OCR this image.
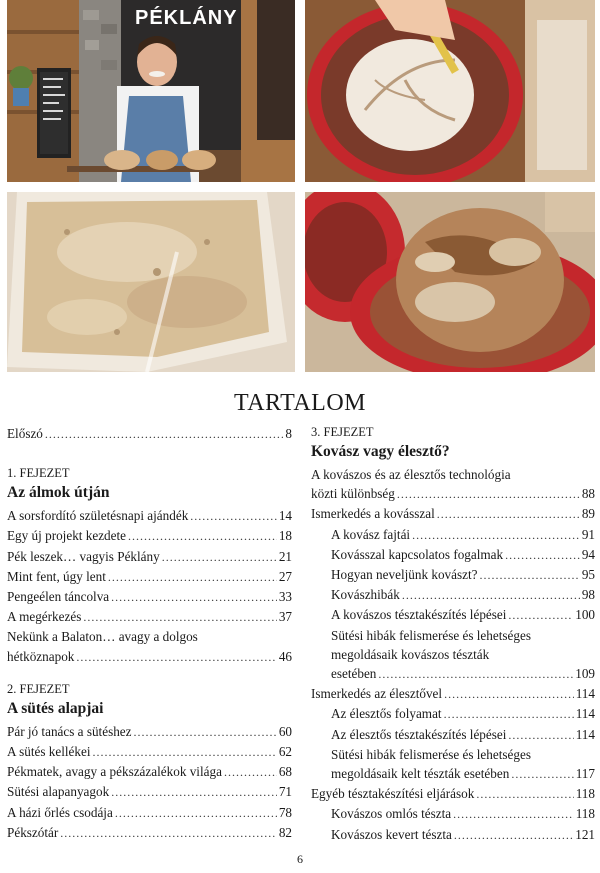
PÉKLÁNY
TARTALOM
Előszó .....	8
1. FEJEZET
Az álmok útján
A sorsfordító születésnapi ajándék .....	14
Egy új projekt kezdete .....	18
Pék leszek… vagyis Péklány .....	21
Mint fent, úgy lent .....	27
Pengeélen táncolva .....	33
A megérkezés .....	37
Nekünk a Balaton… avagy a dolgos
hétköznapok .....	46
2. FEJEZET
A sütés alapjai
Pár jó tanács a sütéshez .....	60
A sütés kellékei .....	62
Pékmatek, avagy a pékszázalékok világa .....	68
Sütési alapanyagok .....	71
A házi őrlés csodája .....	78
Pékszótár .....	82
3. FEJEZET
Kovász vagy élesztő?
A kovászos és az élesztős technológia
közti különbség .....	88
Ismerkedés a kovásszal .....	89
A kovász fajtái .....	91
Kovásszal kapcsolatos fogalmak .....	94
Hogyan neveljünk kovászt? .....	95
Kovászhibák .....	98
A kovászos tésztakészítés lépései .....	100
Sütési hibák felismerése és lehetséges
megoldásaik kovászos tészták
esetében .....	109
Ismerkedés az élesztővel .....	114
Az élesztős folyamat .....	114
Az élesztős tésztakészítés lépései .....	114
Sütési hibák felismerése és lehetséges
megoldásaik kelt tészták esetében .....	117
Egyéb tésztakészítési eljárások .....	118
Kovászos omlós tészta .....	118
Kovászos kevert tészta .....	121
6
